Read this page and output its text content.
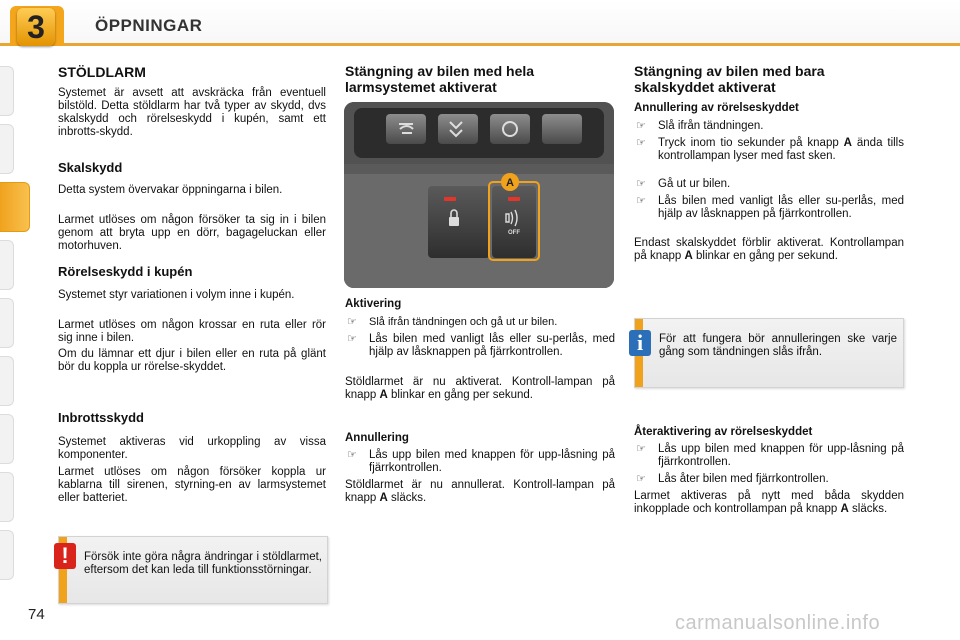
3	ÖPPNINGAR
STÖLDLARM
Systemet är avsett att avskräcka från eventuell bilstöld. Detta stöldlarm har två typer av skydd, dvs skalskydd och rörelseskydd i kupén, samt ett inbrotts-skydd.
Skalskydd
Detta system övervakar öppningarna i bilen.
Larmet utlöses om någon försöker ta sig in i bilen genom att bryta upp en dörr, bagageluckan eller motorhuven.
Rörelseskydd i kupén
Systemet styr variationen i volym inne i kupén.
Larmet utlöses om någon krossar en ruta eller rör sig inne i bilen.
Om du lämnar ett djur i bilen eller en ruta på glänt bör du koppla ur rörelse-skyddet.
Inbrottsskydd
Systemet aktiveras vid urkoppling av vissa komponenter.
Larmet utlöses om någon försöker koppla ur kablarna till sirenen, styrning-en av larmsystemet eller batteriet.
Försök inte göra några ändringar i stöldlarmet, eftersom det kan leda till funktionsstörningar.
!
Stängning av bilen med hela larmsystemet aktiverat
A
OFF
Aktivering
☞ Slå ifrån tändningen och gå ut ur bilen.
☞ Lås bilen med vanligt lås eller su-perlås, med hjälp av låsknappen på fjärrkontrollen.
Stöldlarmet är nu aktiverat. Kontroll-lampan på knapp A blinkar en gång per sekund.
Annullering
☞ Lås upp bilen med knappen för upp-låsning på fjärrkontrollen.
Stöldlarmet är nu annullerat. Kontroll-lampan på knapp A släcks.
Stängning av bilen med bara skalskyddet aktiverat
Annullering av rörelseskyddet
☞ Slå ifrån tändningen.
☞ Tryck inom tio sekunder på knapp A ända tills kontrollampan lyser med fast sken.
☞ Gå ut ur bilen.
☞ Lås bilen med vanligt lås eller su-perlås, med hjälp av låsknappen på fjärrkontrollen.
Endast skalskyddet förblir aktiverat. Kontrollampan på knapp A blinkar en gång per sekund.
För att fungera bör annulleringen ske varje gång som tändningen slås ifrån.
i
Återaktivering av rörelseskyddet
☞ Lås upp bilen med knappen för upp-låsning på fjärrkontrollen.
☞ Lås åter bilen med fjärrkontrollen.
Larmet aktiveras på nytt med båda skydden inkopplade och kontrollampan på knapp A släcks.
74	carmanualsonline.info
